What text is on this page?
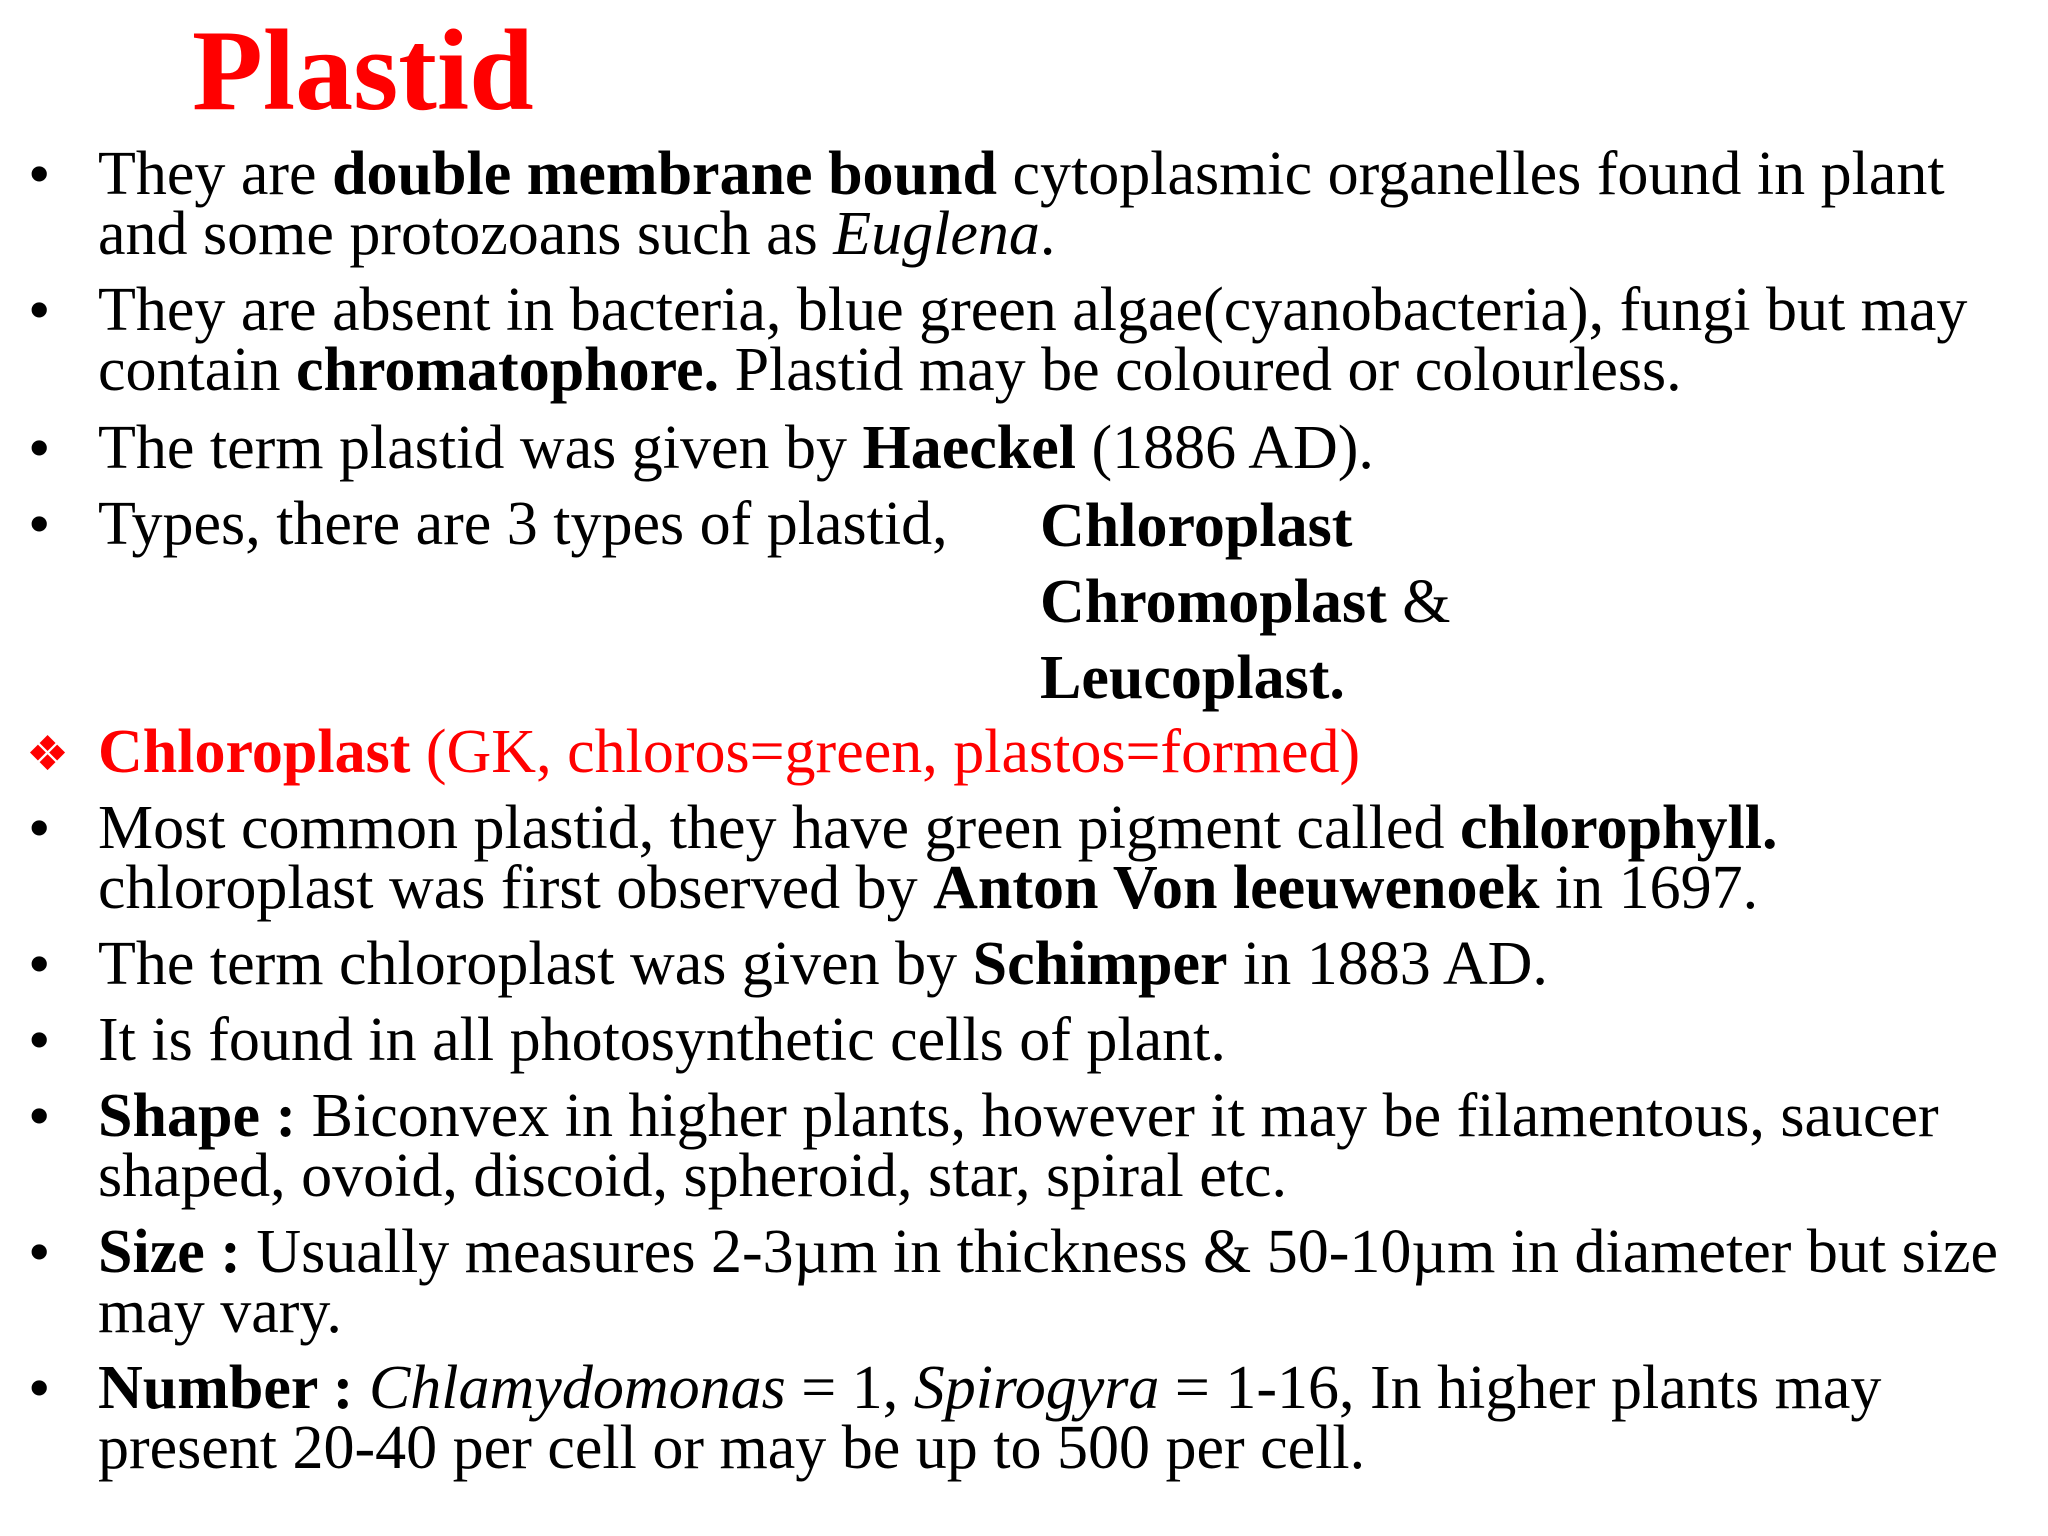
Plastid
• They are double membrane bound cytoplasmic organelles found in plant
and some protozoans such as Euglena.
• They are absent in bacteria, blue green algae(cyanobacteria), fungi but may
contain chromatophore. Plastid may be coloured or colourless.
• The term plastid was given by Haeckel (1886 AD).
• Types, there are 3 types of plastid,	Chloroplast
Chromoplast &
Leucoplast.
❖ Chloroplast (GK, chloros=green, plastos=formed)
• Most common plastid, they have green pigment called chlorophyll.
chloroplast was first observed by Anton Von leeuwenoek in 1697.
• The term chloroplast was given by Schimper in 1883 AD.
• It is found in all photosynthetic cells of plant.
• Shape : Biconvex in higher plants, however it may be filamentous, saucer
shaped, ovoid, discoid, spheroid, star, spiral etc.
• Size : Usually measures 2-3µm in thickness & 50-10µm in diameter but size
may vary.
• Number : Chlamydomonas = 1, Spirogyra = 1-16, In higher plants may
present 20-40 per cell or may be up to 500 per cell.
